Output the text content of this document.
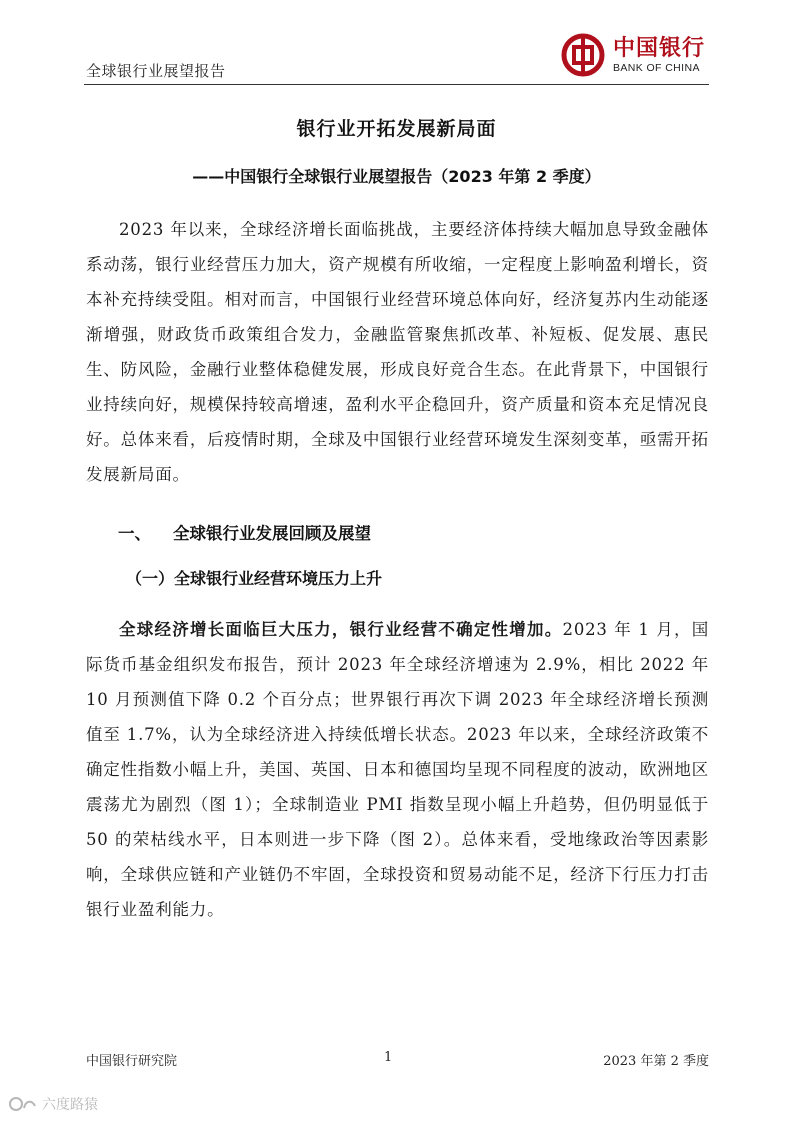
全球银行业展望报告
中国银行
BANK OF CHINA
银行业开拓发展新局面
——中国银行全球银行业展望报告（2023 年第 2 季度）

2023 年以来，全球经济增长面临挑战，主要经济体持续大幅加息导致金融体系动荡，银行业经营压力加大，资产规模有所收缩，一定程度上影响盈利增长，资本补充持续受阻。相对而言，中国银行业经营环境总体向好，经济复苏内生动能逐渐增强，财政货币政策组合发力，金融监管聚焦抓改革、补短板、促发展、惠民生、防风险，金融行业整体稳健发展，形成良好竞合生态。在此背景下，中国银行业持续向好，规模保持较高增速，盈利水平企稳回升，资产质量和资本充足情况良好。总体来看，后疫情时期，全球及中国银行业经营环境发生深刻变革，亟需开拓发展新局面。

一、 全球银行业发展回顾及展望
（一）全球银行业经营环境压力上升

全球经济增长面临巨大压力，银行业经营不确定性增加。2023 年 1 月，国际货币基金组织发布报告，预计 2023 年全球经济增速为 2.9%，相比 2022 年 10 月预测值下降 0.2 个百分点；世界银行再次下调 2023 年全球经济增长预测值至 1.7%，认为全球经济进入持续低增长状态。2023 年以来，全球经济政策不确定性指数小幅上升，美国、英国、日本和德国均呈现不同程度的波动，欧洲地区震荡尤为剧烈（图 1）；全球制造业 PMI 指数呈现小幅上升趋势，但仍明显低于 50 的荣枯线水平，日本则进一步下降（图 2）。总体来看，受地缘政治等因素影响，全球供应链和产业链仍不牢固，全球投资和贸易动能不足，经济下行压力打击银行业盈利能力。

中国银行研究院	1	2023 年第 2 季度
六度路猿
